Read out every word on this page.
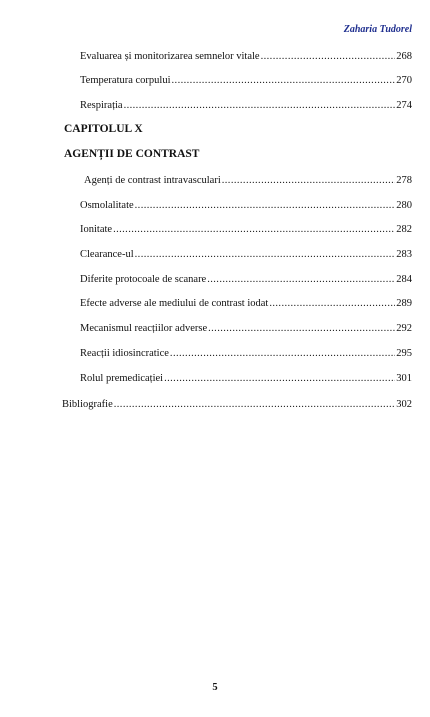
Zaharia Tudorel
Evaluarea și monitorizarea semnelor vitale .....	268
Temperatura corpului .....	270
Respirația .....	274
CAPITOLUL X
AGENȚII DE CONTRAST
Agenți de contrast intravasculari .....	278
Osmolalitate .....	280
Ionitate .....	282
Clearance-ul .....	283
Diferite protocoale de scanare .....	284
Efecte adverse ale mediului de contrast iodat .....	289
Mecanismul reacțiilor adverse .....	292
Reacții idiosincratice .....	295
Rolul premedicației .....	301
Bibliografie .....	302
5
